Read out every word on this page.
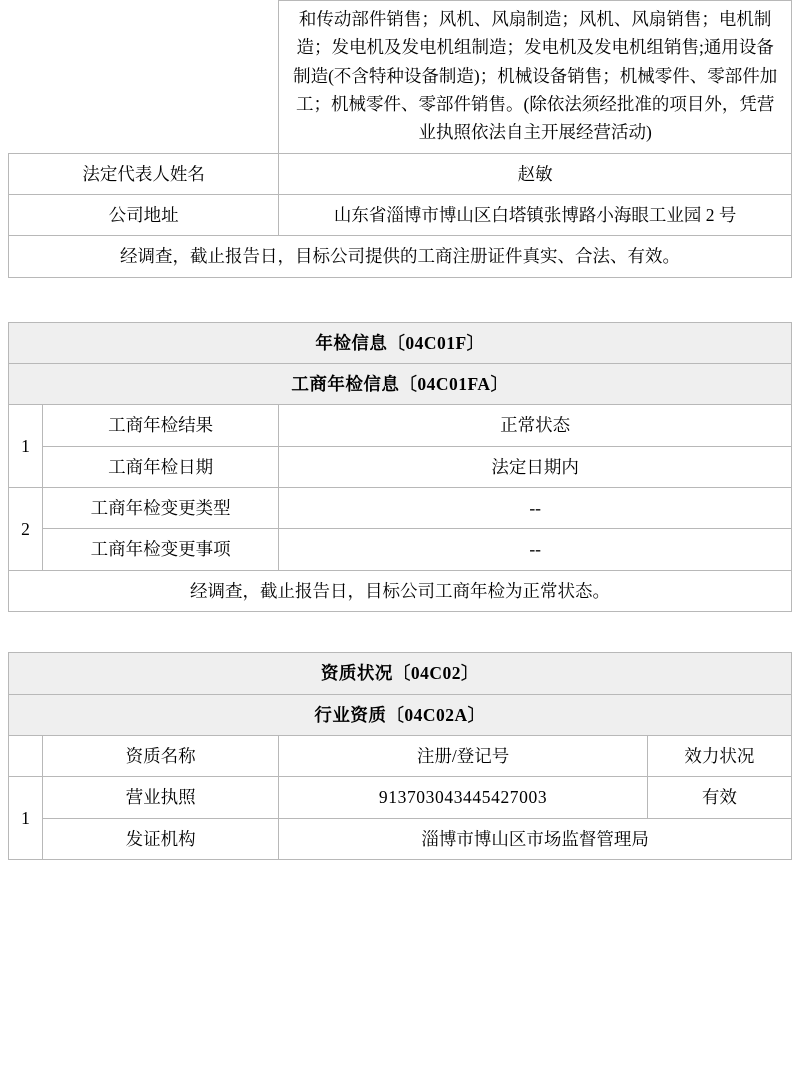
	和传动部件销售；风机、风扇制造；风机、风扇销售；电机制造；发电机及发电机组制造；发电机及发电机组销售;通用设备制造(不含特种设备制造)；机械设备销售；机械零件、零部件加工；机械零件、零部件销售。(除依法须经批准的项目外，凭营业执照依法自主开展经营活动)
法定代表人姓名	赵敏
公司地址	山东省淄博市博山区白塔镇张博路小海眼工业园 2 号
经调查，截止报告日，目标公司提供的工商注册证件真实、合法、有效。	
年检信息〔04C01F〕		
工商年检信息〔04C01FA〕		
1	工商年检结果	正常状态
	工商年检日期	法定日期内
2	工商年检变更类型	--
	工商年检变更事项	--
经调查，截止报告日，目标公司工商年检为正常状态。		
资质状况〔04C02〕			
行业资质〔04C02A〕			
	资质名称	注册/登记号	效力状况
1	营业执照	913703043445427003	有效
	发证机构	淄博市博山区市场监督管理局	
